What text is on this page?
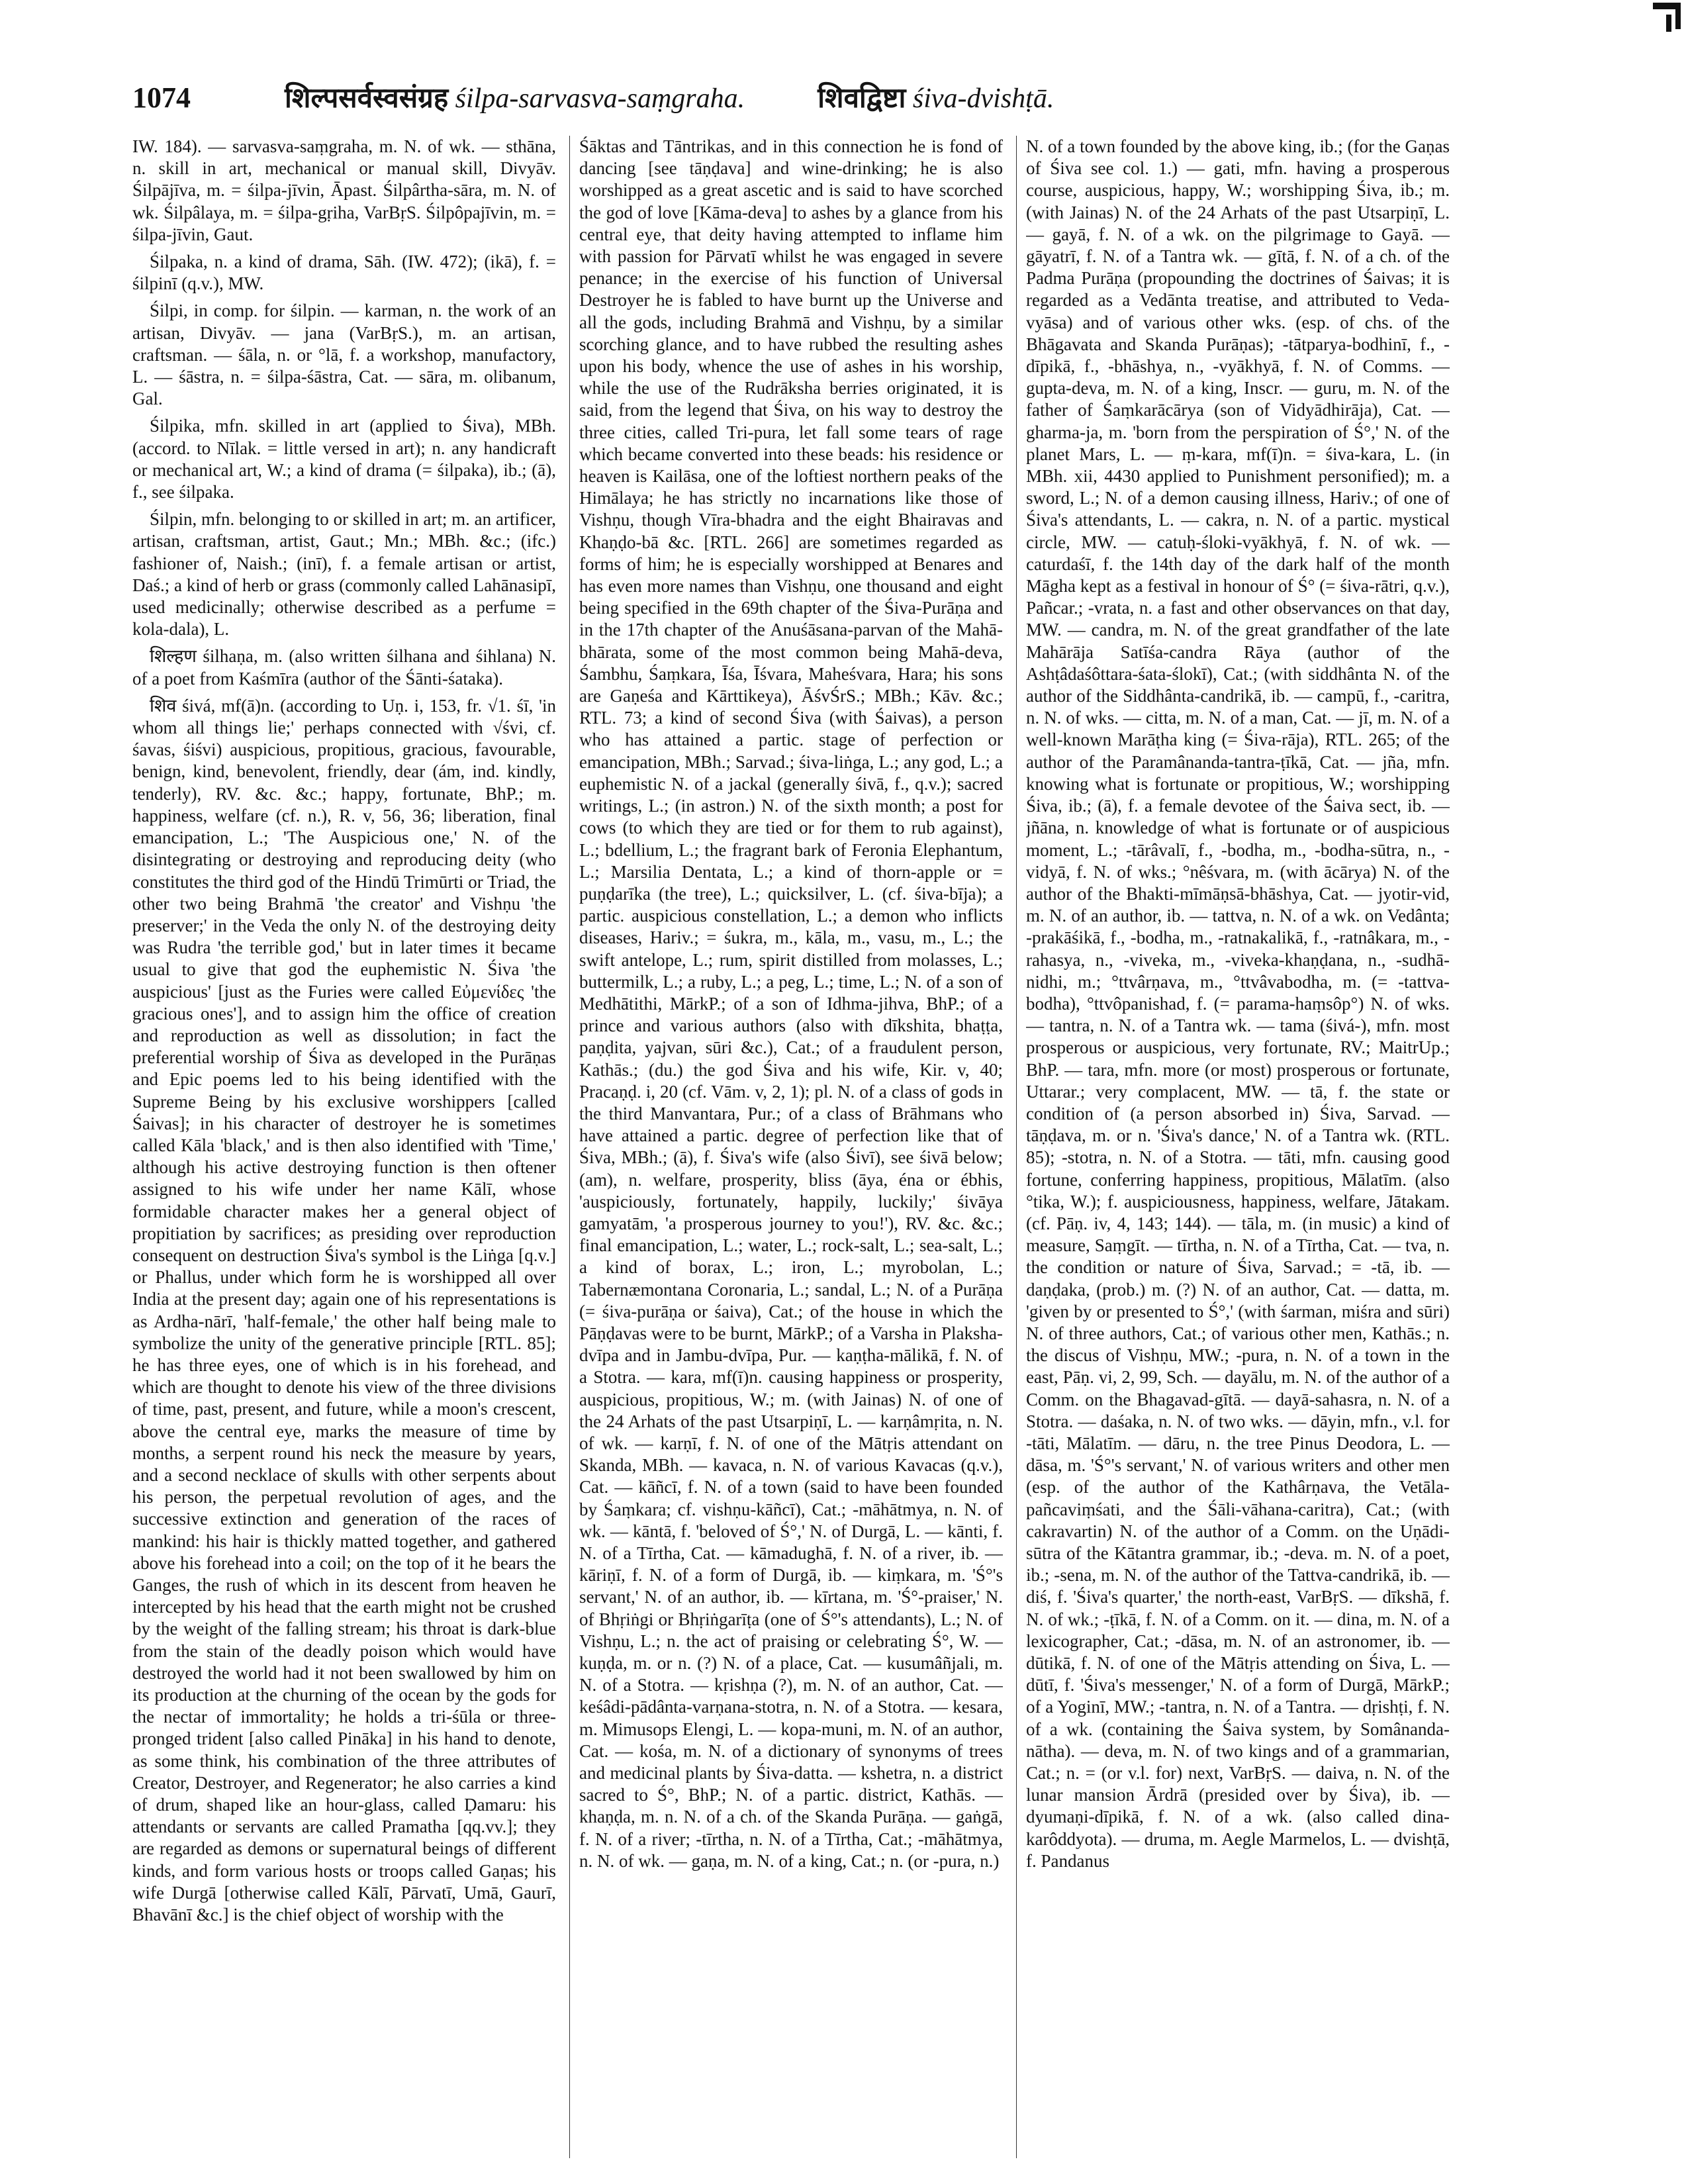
1074	शिल्पसर्वस्वसंग्रह śilpa-sarvasva-saṃgraha.	शिवद्विष्टा śiva-dvishṭā.

IW. 184). — sarvasva-saṃgraha, m. N. of wk. — sthāna, n. skill in art, mechanical or manual skill, Divyāv. Śilpājīva, m. = śilpa-jīvin, Āpast. Śilpârtha-sāra, m. N. of wk. Śilpâlaya, m. = śilpa-gṛiha, VarBṛS. Śilpôpajīvin, m. = śilpa-jīvin, Gaut.

Śilpaka, n. a kind of drama, Sāh. (IW. 472); (ikā), f. = śilpinī (q.v.), MW.

Śilpi, in comp. for śilpin. — karman, n. the work of an artisan, Divyāv. — jana (VarBṛS.), m. an artisan, craftsman. — śāla, n. or °lā, f. a workshop, manufactory, L. — śāstra, n. = śilpa-śāstra, Cat. — sāra, m. olibanum, Gal.

Śilpika, mfn. skilled in art (applied to Śiva), MBh. (accord. to Nīlak. = little versed in art); n. any handicraft or mechanical art, W.; a kind of drama (= śilpaka), ib.; (ā), f., see śilpaka.

Śilpin, mfn. belonging to or skilled in art; m. an artificer, artisan, craftsman, artist, Gaut.; Mn.; MBh. &c.; (ifc.) fashioner of, Naish.; (inī), f. a female artisan or artist, Daś.; a kind of herb or grass (commonly called Lahānasipī, used medicinally; otherwise described as a perfume = kola-dala), L.

शिल्हण śilhaṇa, m. (also written śilhana and śihlana) N. of a poet from Kaśmīra (author of the Śānti-śataka).

शिव śivá, mf(ā)n. (according to Uṇ. i, 153, fr. √1. śī, 'in whom all things lie;' perhaps connected with √śvi, cf. śavas, śiśvi) auspicious, propitious, gracious, favourable, benign, kind, benevolent, friendly, dear (ám, ind. kindly, tenderly), RV. &c. &c.; happy, fortunate, BhP.; m. happiness, welfare (cf. n.), R. v, 56, 36; liberation, final emancipation, L.; 'The Auspicious one,' N. of the disintegrating or destroying and reproducing deity (who constitutes the third god of the Hindū Trimūrti or Triad, the other two being Brahmā 'the creator' and Vishṇu 'the preserver;' in the Veda the only N. of the destroying deity was Rudra 'the terrible god,' but in later times it became usual to give that god the euphemistic N. Śiva 'the auspicious' [just as the Furies were called Εὐμενίδες 'the gracious ones'], and to assign him the office of creation and reproduction as well as dissolution; in fact the preferential worship of Śiva as developed in the Purāṇas and Epic poems led to his being identified with the Supreme Being by his exclusive worshippers [called Śaivas]; in his character of destroyer he is sometimes called Kāla 'black,' and is then also identified with 'Time,' although his active destroying function is then oftener assigned to his wife under her name Kālī, whose formidable character makes her a general object of propitiation by sacrifices; as presiding over reproduction consequent on destruction Śiva's symbol is the Liṅga [q.v.] or Phallus, under which form he is worshipped all over India at the present day; again one of his representations is as Ardha-nārī, 'half-female,' the other half being male to symbolize the unity of the generative principle [RTL. 85]; he has three eyes, one of which is in his forehead, and which are thought to denote his view of the three divisions of time, past, present, and future, while a moon's crescent, above the central eye, marks the measure of time by months, a serpent round his neck the measure by years, and a second necklace of skulls with other serpents about his person, the perpetual revolution of ages, and the successive extinction and generation of the races of mankind: his hair is thickly matted together, and gathered above his forehead into a coil; on the top of it he bears the Ganges, the rush of which in its descent from heaven he intercepted by his head that the earth might not be crushed by the weight of the falling stream; his throat is dark-blue from the stain of the deadly poison which would have destroyed the world had it not been swallowed by him on its production at the churning of the ocean by the gods for the nectar of immortality; he holds a tri-śūla or three-pronged trident [also called Pināka] in his hand to denote, as some think, his combination of the three attributes of Creator, Destroyer, and Regenerator; he also carries a kind of drum, shaped like an hour-glass, called Ḍamaru: his attendants or servants are called Pramatha [qq.vv.]; they are regarded as demons or supernatural beings of different kinds, and form various hosts or troops called Gaṇas; his wife Durgā [otherwise called Kālī, Pārvatī, Umā, Gaurī, Bhavānī &c.] is the chief object of worship with the

Śāktas and Tāntrikas, and in this connection he is fond of dancing [see tāṇḍava] and wine-drinking; he is also worshipped as a great ascetic and is said to have scorched the god of love [Kāma-deva] to ashes by a glance from his central eye, that deity having attempted to inflame him with passion for Pārvatī whilst he was engaged in severe penance; in the exercise of his function of Universal Destroyer he is fabled to have burnt up the Universe and all the gods, including Brahmā and Vishṇu, by a similar scorching glance, and to have rubbed the resulting ashes upon his body, whence the use of ashes in his worship, while the use of the Rudrāksha berries originated, it is said, from the legend that Śiva, on his way to destroy the three cities, called Tri-pura, let fall some tears of rage which became converted into these beads: his residence or heaven is Kailāsa, one of the loftiest northern peaks of the Himālaya; he has strictly no incarnations like those of Vishṇu, though Vīra-bhadra and the eight Bhairavas and Khaṇḍo-bā &c. [RTL. 266] are sometimes regarded as forms of him; he is especially worshipped at Benares and has even more names than Vishṇu, one thousand and eight being specified in the 69th chapter of the Śiva-Purāṇa and in the 17th chapter of the Anuśāsana-parvan of the Mahā-bhārata, some of the most common being Mahā-deva, Śambhu, Śaṃkara, Īśa, Īśvara, Maheśvara, Hara; his sons are Gaṇeśa and Kārttikeya), ĀśvŚrS.; MBh.; Kāv. &c.; RTL. 73; a kind of second Śiva (with Śaivas), a person who has attained a partic. stage of perfection or emancipation, MBh.; Sarvad.; śiva-liṅga, L.; any god, L.; a euphemistic N. of a jackal (generally śivā, f., q.v.); sacred writings, L.; (in astron.) N. of the sixth month; a post for cows (to which they are tied or for them to rub against), L.; bdellium, L.; the fragrant bark of Feronia Elephantum, L.; Marsilia Dentata, L.; a kind of thorn-apple or = puṇḍarīka (the tree), L.; quicksilver, L. (cf. śiva-bīja); a partic. auspicious constellation, L.; a demon who inflicts diseases, Hariv.; = śukra, m., kāla, m., vasu, m., L.; the swift antelope, L.; rum, spirit distilled from molasses, L.; buttermilk, L.; a ruby, L.; a peg, L.; time, L.; N. of a son of Medhātithi, MārkP.; of a son of Idhma-jihva, BhP.; of a prince and various authors (also with dīkshita, bhaṭṭa, paṇḍita, yajvan, sūri &c.), Cat.; of a fraudulent person, Kathās.; (du.) the god Śiva and his wife, Kir. v, 40; Pracaṇḍ. i, 20 (cf. Vām. v, 2, 1); pl. N. of a class of gods in the third Manvantara, Pur.; of a class of Brāhmans who have attained a partic. degree of perfection like that of Śiva, MBh.; (ā), f. Śiva's wife (also Śivī), see śivā below; (am), n. welfare, prosperity, bliss (āya, éna or ébhis, 'auspiciously, fortunately, happily, luckily;' śivāya gamyatām, 'a prosperous journey to you!'), RV. &c. &c.; final emancipation, L.; water, L.; rock-salt, L.; sea-salt, L.; a kind of borax, L.; iron, L.; myrobolan, L.; Tabernæmontana Coronaria, L.; sandal, L.; N. of a Purāṇa (= śiva-purāṇa or śaiva), Cat.; of the house in which the Pāṇḍavas were to be burnt, MārkP.; of a Varsha in Plaksha-dvīpa and in Jambu-dvīpa, Pur. — kaṇṭha-mālikā, f. N. of a Stotra. — kara, mf(ī)n. causing happiness or prosperity, auspicious, propitious, W.; m. (with Jainas) N. of one of the 24 Arhats of the past Utsarpiṇī, L. — karṇâmṛita, n. N. of wk. — karṇī, f. N. of one of the Mātṛis attendant on Skanda, MBh. — kavaca, n. N. of various Kavacas (q.v.), Cat. — kāñcī, f. N. of a town (said to have been founded by Śaṃkara; cf. vishṇu-kāñcī), Cat.; -māhātmya, n. N. of wk. — kāntā, f. 'beloved of Ś°,' N. of Durgā, L. — kānti, f. N. of a Tīrtha, Cat. — kāmadughā, f. N. of a river, ib. — kāriṇī, f. N. of a form of Durgā, ib. — kiṃkara, m. 'Ś°'s servant,' N. of an author, ib. — kīrtana, m. 'Ś°-praiser,' N. of Bhṛiṅgi or Bhṛiṅgarīṭa (one of Ś°'s attendants), L.; N. of Vishṇu, L.; n. the act of praising or celebrating Ś°, W. — kuṇḍa, m. or n. (?) N. of a place, Cat. — kusumâñjali, m. N. of a Stotra. — kṛishṇa (?), m. N. of an author, Cat. — keśâdi-pādânta-varṇana-stotra, n. N. of a Stotra. — kesara, m. Mimusops Elengi, L. — kopa-muni, m. N. of an author, Cat. — kośa, m. N. of a dictionary of synonyms of trees and medicinal plants by Śiva-datta. — kshetra, n. a district sacred to Ś°, BhP.; N. of a partic. district, Kathās. — khaṇḍa, m. n. N. of a ch. of the Skanda Purāṇa. — gaṅgā, f. N. of a river; -tīrtha, n. N. of a Tīrtha, Cat.; -māhātmya, n. N. of wk. — gaṇa, m. N. of a king, Cat.; n. (or -pura, n.)

N. of a town founded by the above king, ib.; (for the Gaṇas of Śiva see col. 1.) — gati, mfn. having a prosperous course, auspicious, happy, W.; worshipping Śiva, ib.; m. (with Jainas) N. of the 24 Arhats of the past Utsarpiṇī, L. — gayā, f. N. of a wk. on the pilgrimage to Gayā. — gāyatrī, f. N. of a Tantra wk. — gītā, f. N. of a ch. of the Padma Purāṇa (propounding the doctrines of Śaivas; it is regarded as a Vedānta treatise, and attributed to Veda-vyāsa) and of various other wks. (esp. of chs. of the Bhāgavata and Skanda Purāṇas); -tātparya-bodhinī, f., -dīpikā, f., -bhāshya, n., -vyākhyā, f. N. of Comms. — gupta-deva, m. N. of a king, Inscr. — guru, m. N. of the father of Śaṃkarācārya (son of Vidyādhirāja), Cat. — gharma-ja, m. 'born from the perspiration of Ś°,' N. of the planet Mars, L. — ṃ-kara, mf(ī)n. = śiva-kara, L. (in MBh. xii, 4430 applied to Punishment personified); m. a sword, L.; N. of a demon causing illness, Hariv.; of one of Śiva's attendants, L. — cakra, n. N. of a partic. mystical circle, MW. — catuḥ-śloki-vyākhyā, f. N. of wk. — caturdaśī, f. the 14th day of the dark half of the month Māgha kept as a festival in honour of Ś° (= śiva-rātri, q.v.), Pañcar.; -vrata, n. a fast and other observances on that day, MW. — candra, m. N. of the great grandfather of the late Mahārāja Satīśa-candra Rāya (author of the Ashṭâdaśôttara-śata-ślokī), Cat.; (with siddhânta N. of the author of the Siddhânta-candrikā, ib. — campū, f., -caritra, n. N. of wks. — citta, m. N. of a man, Cat. — jī, m. N. of a well-known Marāṭha king (= Śiva-rāja), RTL. 265; of the author of the Paramânanda-tantra-ṭīkā, Cat. — jña, mfn. knowing what is fortunate or propitious, W.; worshipping Śiva, ib.; (ā), f. a female devotee of the Śaiva sect, ib. — jñāna, n. knowledge of what is fortunate or of auspicious moment, L.; -tārâvalī, f., -bodha, m., -bodha-sūtra, n., -vidyā, f. N. of wks.; °nêśvara, m. (with ācārya) N. of the author of the Bhakti-mīmāṇsā-bhāshya, Cat. — jyotir-vid, m. N. of an author, ib. — tattva, n. N. of a wk. on Vedânta; -prakāśikā, f., -bodha, m., -ratnakalikā, f., -ratnâkara, m., -rahasya, n., -viveka, m., -viveka-khaṇḍana, n., -sudhā-nidhi, m.; °ttvârṇava, m., °ttvâvabodha, m. (= -tattva-bodha), °ttvôpanishad, f. (= parama-haṃsôp°) N. of wks. — tantra, n. N. of a Tantra wk. — tama (śivá-), mfn. most prosperous or auspicious, very fortunate, RV.; MaitrUp.; BhP. — tara, mfn. more (or most) prosperous or fortunate, Uttarar.; very complacent, MW. — tā, f. the state or condition of (a person absorbed in) Śiva, Sarvad. — tāṇḍava, m. or n. 'Śiva's dance,' N. of a Tantra wk. (RTL. 85); -stotra, n. N. of a Stotra. — tāti, mfn. causing good fortune, conferring happiness, propitious, Mālatīm. (also °tika, W.); f. auspiciousness, happiness, welfare, Jātakam. (cf. Pāṇ. iv, 4, 143; 144). — tāla, m. (in music) a kind of measure, Saṃgīt. — tīrtha, n. N. of a Tīrtha, Cat. — tva, n. the condition or nature of Śiva, Sarvad.; = -tā, ib. — daṇḍaka, (prob.) m. (?) N. of an author, Cat. — datta, m. 'given by or presented to Ś°,' (with śarman, miśra and sūri) N. of three authors, Cat.; of various other men, Kathās.; n. the discus of Vishṇu, MW.; -pura, n. N. of a town in the east, Pāṇ. vi, 2, 99, Sch. — dayālu, m. N. of the author of a Comm. on the Bhagavad-gītā. — dayā-sahasra, n. N. of a Stotra. — daśaka, n. N. of two wks. — dāyin, mfn., v.l. for -tāti, Mālatīm. — dāru, n. the tree Pinus Deodora, L. — dāsa, m. 'Ś°'s servant,' N. of various writers and other men (esp. of the author of the Kathârṇava, the Vetāla-pañcaviṃśati, and the Śāli-vāhana-caritra), Cat.; (with cakravartin) N. of the author of a Comm. on the Uṇādi-sūtra of the Kātantra grammar, ib.; -deva. m. N. of a poet, ib.; -sena, m. N. of the author of the Tattva-candrikā, ib. — diś, f. 'Śiva's quarter,' the north-east, VarBṛS. — dīkshā, f. N. of wk.; -ṭīkā, f. N. of a Comm. on it. — dina, m. N. of a lexicographer, Cat.; -dāsa, m. N. of an astronomer, ib. — dūtikā, f. N. of one of the Mātṛis attending on Śiva, L. — dūtī, f. 'Śiva's messenger,' N. of a form of Durgā, MārkP.; of a Yoginī, MW.; -tantra, n. N. of a Tantra. — dṛishṭi, f. N. of a wk. (containing the Śaiva system, by Somânanda-nātha). — deva, m. N. of two kings and of a grammarian, Cat.; n. = (or v.l. for) next, VarBṛS. — daiva, n. N. of the lunar mansion Ārdrā (presided over by Śiva), ib. — dyumaṇi-dīpikā, f. N. of a wk. (also called dina-karôddyota). — druma, m. Aegle Marmelos, L. — dvishṭā, f. Pandanus
